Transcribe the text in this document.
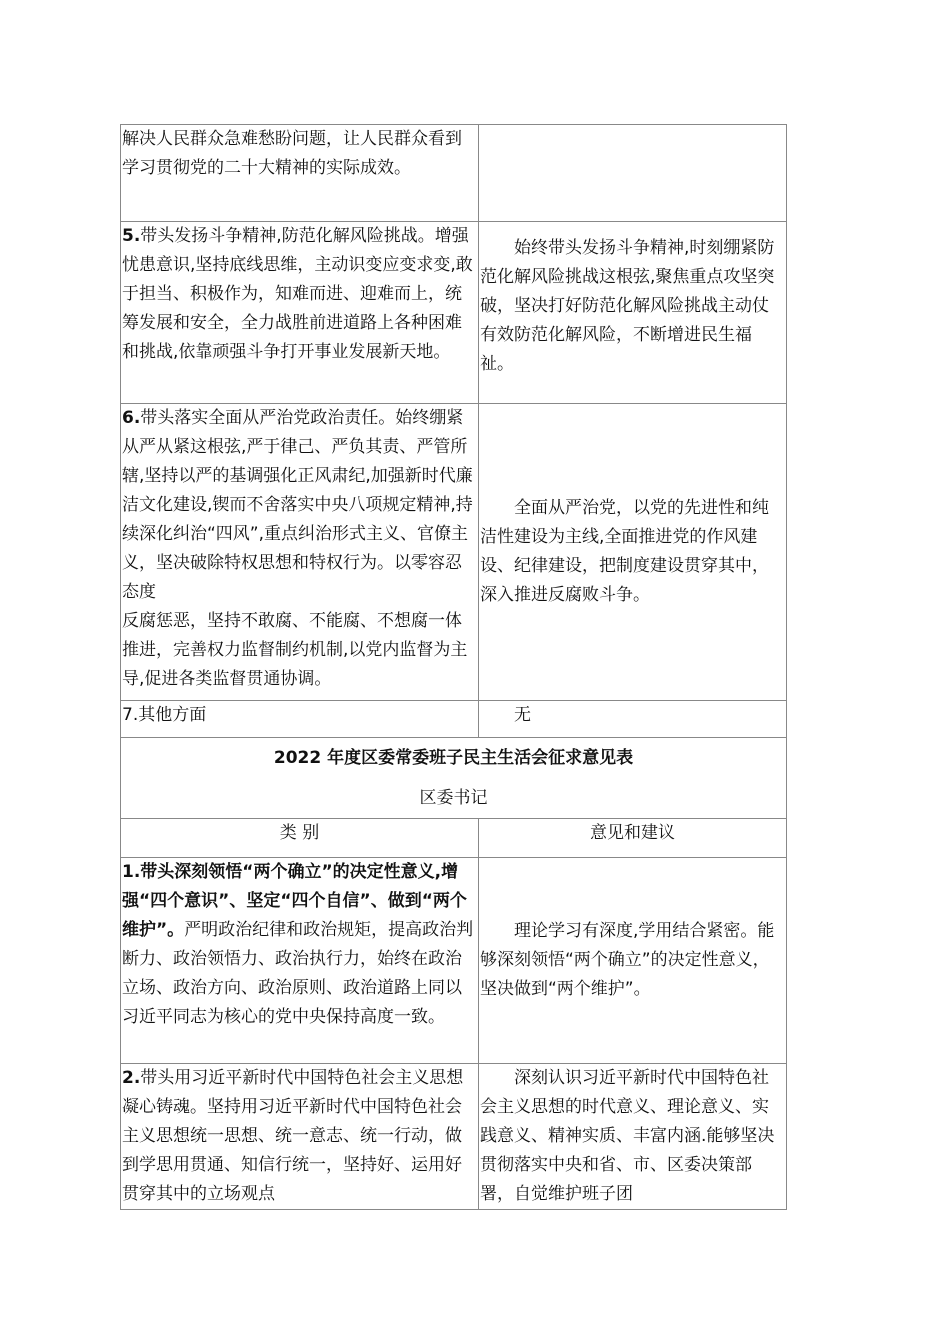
解决人民群众急难愁盼问题，让人民群众看到学习贯彻党的二十大精神的实际成效。	
5.带头发扬斗争精神,防范化解风险挑战。增强忧患意识,坚持底线思维，主动识变应变求变,敢于担当、积极作为，知难而进、迎难而上，统筹发展和安全，全力战胜前进道路上各种困难和挑战,依靠顽强斗争打开事业发展新天地。	始终带头发扬斗争精神,时刻绷紧防范化解风险挑战这根弦,聚焦重点攻坚突破，坚决打好防范化解风险挑战主动仗有效防范化解风险，不断增进民生福祉。
6.带头落实全面从严治党政治责任。始终绷紧从严从紧这根弦,严于律己、严负其责、严管所辖,坚持以严的基调强化正风肃纪,加强新时代廉洁文化建设,锲而不舍落实中央八项规定精神,持续深化纠治“四风”,重点纠治形式主义、官僚主义，坚决破除特权思想和特权行为。以零容忍态度
反腐惩恶，坚持不敢腐、不能腐、不想腐一体推进，完善权力监督制约机制,以党内监督为主导,促进各类监督贯通协调。	全面从严治党，以党的先进性和纯洁性建设为主线,全面推进党的作风建设、纪律建设，把制度建设贯穿其中，深入推进反腐败斗争。
7.其他方面	无

2022 年度区委常委班子民主生活会征求意见表
区委书记	

类 别	意见和建议
1.带头深刻领悟“两个确立”的决定性意义,增强“四个意识”、坚定“四个自信”、做到“两个维护”。严明政治纪律和政治规矩，提高政治判断力、政治领悟力、政治执行力，始终在政治立场、政治方向、政治原则、政治道路上同以习近平同志为核心的党中央保持高度一致。	理论学习有深度,学用结合紧密。能够深刻领悟“两个确立”的决定性意义，坚决做到“两个维护”。
2.带头用习近平新时代中国特色社会主义思想凝心铸魂。坚持用习近平新时代中国特色社会主义思想统一思想、统一意志、统一行动，做到学思用贯通、知信行统一，坚持好、运用好贯穿其中的立场观点	深刻认识习近平新时代中国特色社会主义思想的时代意义、理论意义、实践意义、精神实质、丰富内涵.能够坚决贯彻落实中央和省、市、区委决策部署，自觉维护班子团
